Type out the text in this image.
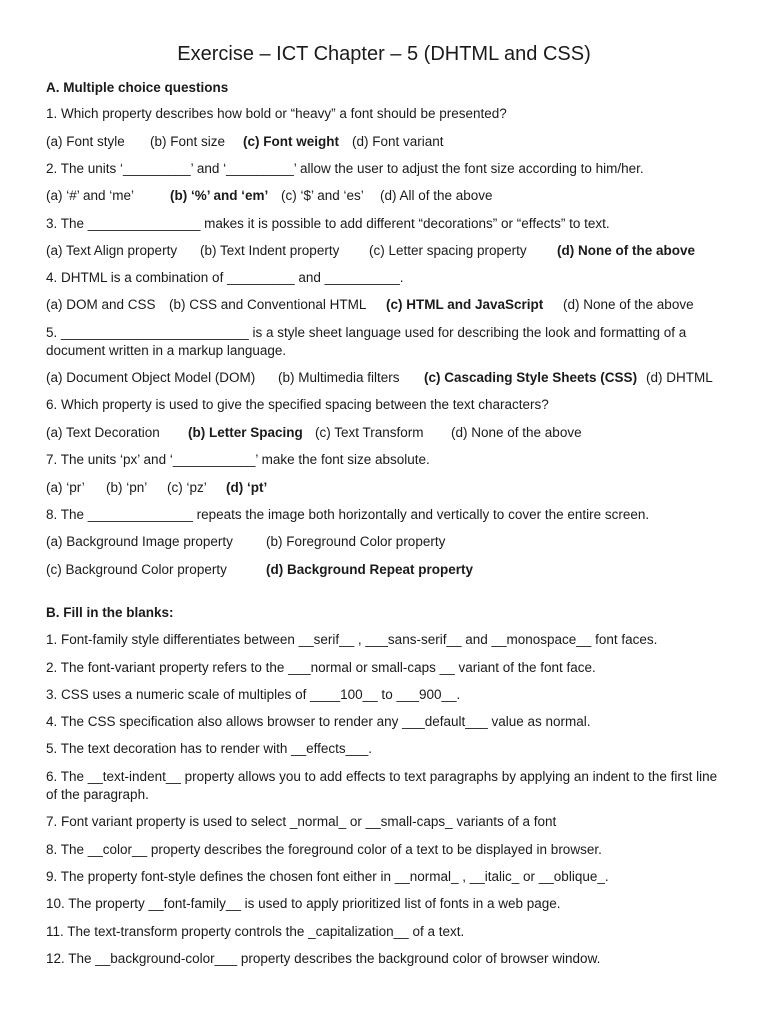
Exercise – ICT Chapter – 5 (DHTML and CSS)
A. Multiple choice questions
1. Which property describes how bold or “heavy” a font should be presented?
(a) Font style (b) Font size (c) Font weight (d) Font variant
2. The units ‘_________’ and ‘_________’ allow the user to adjust the font size according to him/her.
(a) ‘#’ and ‘me’	(b) ‘%’ and ‘em’ (c) ‘$’ and ‘es’ (d) All of the above
3. The _______________ makes it is possible to add different “decorations” or “effects” to text.
(a) Text Align property (b) Text Indent property (c) Letter spacing property (d) None of the above
4. DHTML is a combination of _________ and __________.
(a) DOM and CSS (b) CSS and Conventional HTML (c) HTML and JavaScript (d) None of the above
5. _________________________ is a style sheet language used for describing the look and formatting of a document written in a markup language.
(a) Document Object Model (DOM) (b) Multimedia filters (c) Cascading Style Sheets (CSS) (d) DHTML
6. Which property is used to give the specified spacing between the text characters?
(a) Text Decoration (b) Letter Spacing (c) Text Transform (d) None of the above
7. The units ‘px’ and ‘___________’ make the font size absolute.
(a) ‘pr’ (b) ‘pn’ (c) ‘pz’ (d) ‘pt’
8. The ______________ repeats the image both horizontally and vertically to cover the entire screen.
(a) Background Image property (b) Foreground Color property
(c) Background Color property	(d) Background Repeat property
B. Fill in the blanks:
1. Font-family style differentiates between __serif__ , ___sans-serif__ and __monospace__ font faces.
2. The font-variant property refers to the ___normal or small-caps __ variant of the font face.
3. CSS uses a numeric scale of multiples of ____100__ to ___900__.
4. The CSS specification also allows browser to render any ___default___ value as normal.
5. The text decoration has to render with __effects___.
6. The __text-indent__ property allows you to add effects to text paragraphs by applying an indent to the first line of the paragraph.
7. Font variant property is used to select _normal_ or __small-caps_ variants of a font
8. The __color__ property describes the foreground color of a text to be displayed in browser.
9. The property font-style defines the chosen font either in __normal_ , __italic_ or __oblique_.
10. The property __font-family__ is used to apply prioritized list of fonts in a web page.
11. The text-transform property controls the _capitalization__ of a text.
12. The __background-color___ property describes the background color of browser window.
